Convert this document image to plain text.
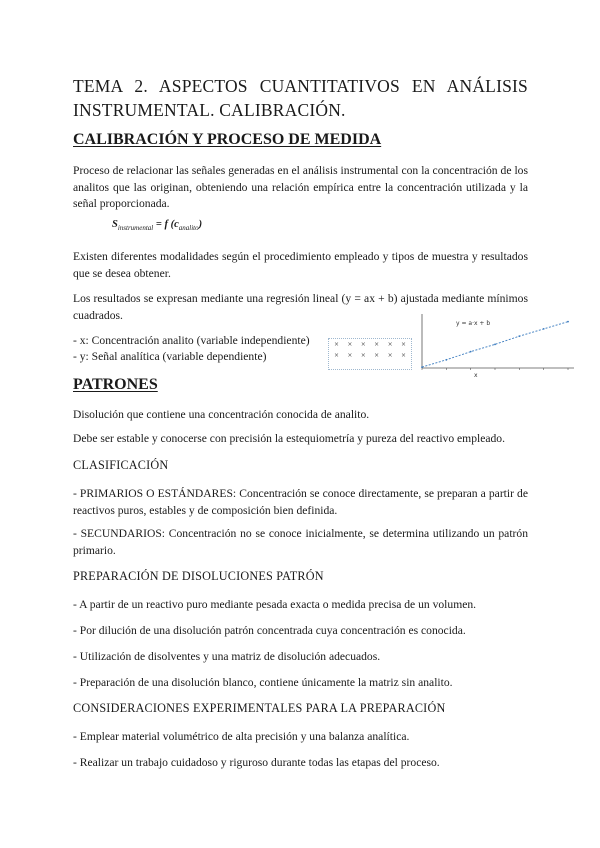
TEMA 2. ASPECTOS CUANTITATIVOS EN ANÁLISIS INSTRUMENTAL. CALIBRACIÓN.
CALIBRACIÓN Y PROCESO DE MEDIDA

Proceso de relacionar las señales generadas en el análisis instrumental con la concentración de los analitos que las originan, obteniendo una relación empírica entre la concentración utilizada y la señal proporcionada.

$S_{instrumental} = f$ $(c_{analito})$

Existen diferentes modalidades según el procedimiento empleado y tipos de muestra y resultados que se desea obtener.

Los resultados se expresan mediante una regresión lineal (y = ax + b) ajustada mediante mínimos cuadrados.

- x: Concentración analito (variable independiente)
- y: Señal analítica (variable dependiente)
× × × × × ×
× × × × × ×
y = a·x + b
x
PATRONES

Disolución que contiene una concentración conocida de analito.

Debe ser estable y conocerse con precisión la estequiometría y pureza del reactivo empleado.

CLASIFICACIÓN

- PRIMARIOS O ESTÁNDARES: Concentración se conoce directamente, se preparan a partir de reactivos puros, estables y de composición bien definida.

- SECUNDARIOS: Concentración no se conoce inicialmente, se determina utilizando un patrón primario.

PREPARACIÓN DE DISOLUCIONES PATRÓN

- A partir de un reactivo puro mediante pesada exacta o medida precisa de un volumen.

- Por dilución de una disolución patrón concentrada cuya concentración es conocida.

- Utilización de disolventes y una matriz de disolución adecuados.

- Preparación de una disolución blanco, contiene únicamente la matriz sin analito.

CONSIDERACIONES EXPERIMENTALES PARA LA PREPARACIÓN

- Emplear material volumétrico de alta precisión y una balanza analítica.

- Realizar un trabajo cuidadoso y riguroso durante todas las etapas del proceso.
